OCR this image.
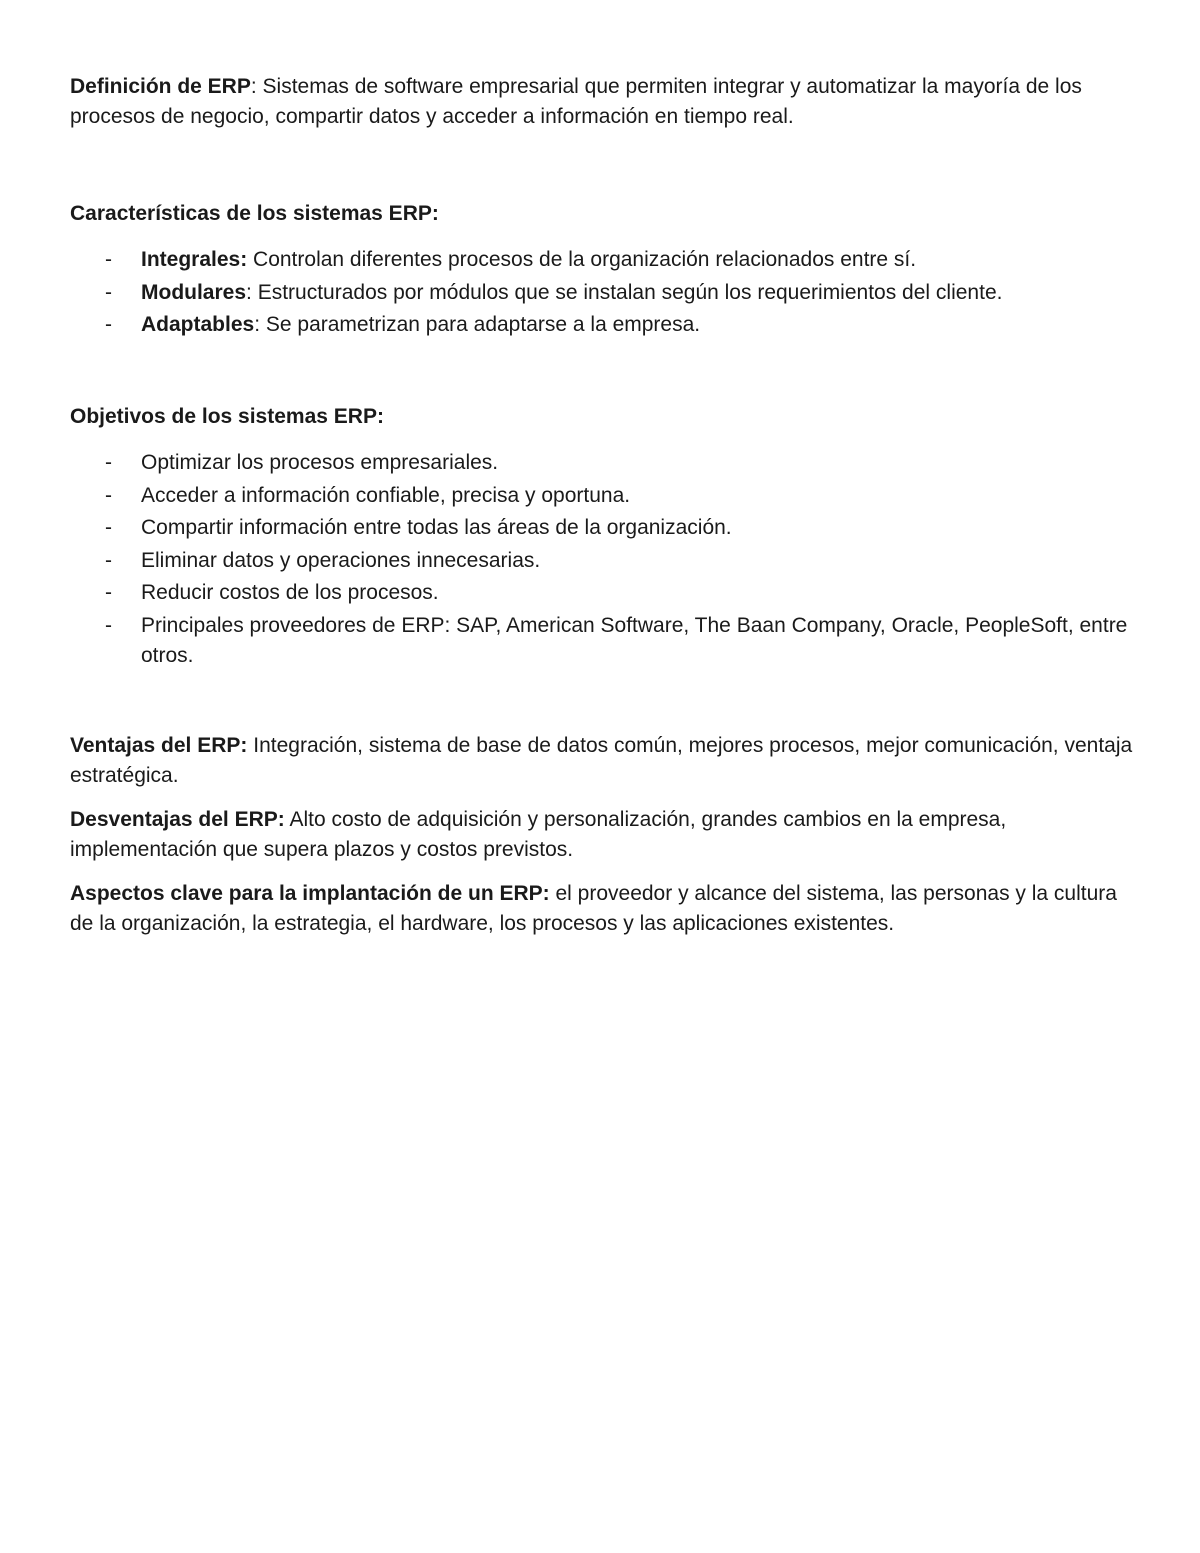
Definición de ERP: Sistemas de software empresarial que permiten integrar y automatizar la mayoría de los procesos de negocio, compartir datos y acceder a información en tiempo real.

Características de los sistemas ERP:

- Integrales: Controlan diferentes procesos de la organización relacionados entre sí.
- Modulares: Estructurados por módulos que se instalan según los requerimientos del cliente.
- Adaptables: Se parametrizan para adaptarse a la empresa.

Objetivos de los sistemas ERP:

- Optimizar los procesos empresariales.
- Acceder a información confiable, precisa y oportuna.
- Compartir información entre todas las áreas de la organización.
- Eliminar datos y operaciones innecesarias.
- Reducir costos de los procesos.
- Principales proveedores de ERP: SAP, American Software, The Baan Company, Oracle, PeopleSoft, entre otros.

Ventajas del ERP: Integración, sistema de base de datos común, mejores procesos, mejor comunicación, ventaja estratégica.

Desventajas del ERP: Alto costo de adquisición y personalización, grandes cambios en la empresa, implementación que supera plazos y costos previstos.

Aspectos clave para la implantación de un ERP: el proveedor y alcance del sistema, las personas y la cultura de la organización, la estrategia, el hardware, los procesos y las aplicaciones existentes.
